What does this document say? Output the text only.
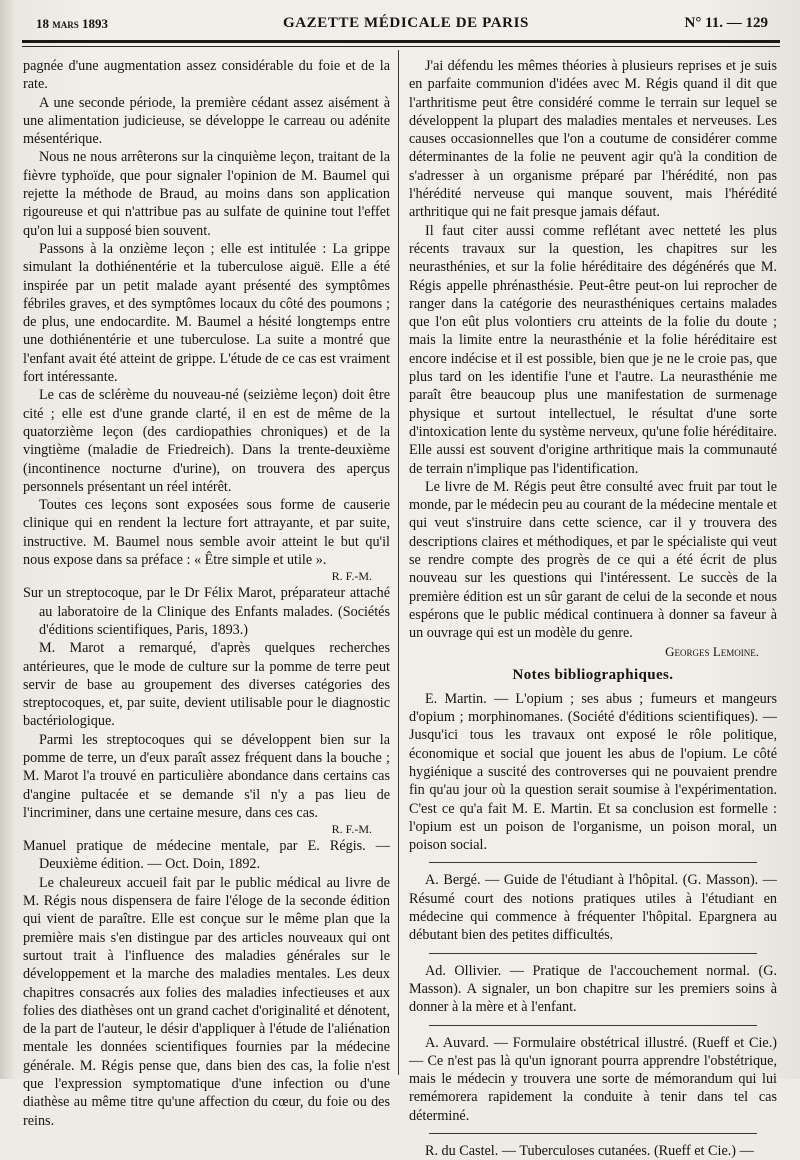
18 mars 1893	GAZETTE MÉDICALE DE PARIS	N° 11. — 129

pagnée d'une augmentation assez considérable du foie et de la rate.

A une seconde période, la première cédant assez aisément à une alimentation judicieuse, se développe le carreau ou adénite mésentérique.

Nous ne nous arrêterons sur la cinquième leçon, traitant de la fièvre typhoïde, que pour signaler l'opinion de M. Baumel qui rejette la méthode de Braud, au moins dans son application rigoureuse et qui n'attribue pas au sulfate de quinine tout l'effet qu'on lui a supposé bien souvent.

Passons à la onzième leçon ; elle est intitulée : La grippe simulant la dothiénentérie et la tuberculose aiguë. Elle a été inspirée par un petit malade ayant présenté des symptômes fébriles graves, et des symptômes locaux du côté des poumons ; de plus, une endocardite. M. Baumel a hésité longtemps entre une dothiénentérie et une tuberculose. La suite a montré que l'enfant avait été atteint de grippe. L'étude de ce cas est vraiment fort intéressante.

Le cas de sclérème du nouveau-né (seizième leçon) doit être cité ; elle est d'une grande clarté, il en est de même de la quatorzième leçon (des cardiopathies chroniques) et de la vingtième (maladie de Friedreich). Dans la trente-deuxième (incontinence nocturne d'urine), on trouvera des aperçus personnels présentant un réel intérêt.

Toutes ces leçons sont exposées sous forme de causerie clinique qui en rendent la lecture fort attrayante, et par suite, instructive. M. Baumel nous semble avoir atteint le but qu'il nous expose dans sa préface : « Être simple et utile ».

R. F.-M.

Sur un streptocoque, par le Dr Félix Marot, préparateur attaché au laboratoire de la Clinique des Enfants malades. (Sociétés d'éditions scientifiques, Paris, 1893.)

M. Marot a remarqué, d'après quelques recherches antérieures, que le mode de culture sur la pomme de terre peut servir de base au groupement des diverses catégories des streptocoques, et, par suite, devient utilisable pour le diagnostic bactériologique.

Parmi les streptocoques qui se développent bien sur la pomme de terre, un d'eux paraît assez fréquent dans la bouche ; M. Marot l'a trouvé en particulière abondance dans certains cas d'angine pultacée et se demande s'il n'y a pas lieu de l'incriminer, dans une certaine mesure, dans ces cas.

R. F.-M.

Manuel pratique de médecine mentale, par E. Régis. — Deuxième édition. — Oct. Doin, 1892.

Le chaleureux accueil fait par le public médical au livre de M. Régis nous dispensera de faire l'éloge de la seconde édition qui vient de paraître. Elle est conçue sur le même plan que la première mais s'en distingue par des articles nouveaux qui ont surtout trait à l'influence des maladies générales sur le développement et la marche des maladies mentales. Les deux chapitres consacrés aux folies des maladies infectieuses et aux folies des diathèses ont un grand cachet d'originalité et dénotent, de la part de l'auteur, le désir d'appliquer à l'étude de l'aliénation mentale les données scientifiques fournies par la médecine générale. M. Régis pense que, dans bien des cas, la folie n'est que l'expression symptomatique d'une infection ou d'une diathèse au même titre qu'une affection du cœur, du foie ou des reins.

J'ai défendu les mêmes théories à plusieurs reprises et je suis en parfaite communion d'idées avec M. Régis quand il dit que l'arthritisme peut être considéré comme le terrain sur lequel se développent la plupart des maladies mentales et nerveuses. Les causes occasionnelles que l'on a coutume de considérer comme déterminantes de la folie ne peuvent agir qu'à la condition de s'adresser à un organisme préparé par l'hérédité, non pas l'hérédité nerveuse qui manque souvent, mais l'hérédité arthritique qui ne fait presque jamais défaut.

Il faut citer aussi comme reflétant avec netteté les plus récents travaux sur la question, les chapitres sur les neurasthénies, et sur la folie héréditaire des dégénérés que M. Régis appelle phrénasthésie. Peut-être peut-on lui reprocher de ranger dans la catégorie des neurasthéniques certains malades que l'on eût plus volontiers cru atteints de la folie du doute ; mais la limite entre la neurasthénie et la folie héréditaire est encore indécise et il est possible, bien que je ne le croie pas, que plus tard on les identifie l'une et l'autre. La neurasthénie me paraît être beaucoup plus une manifestation de surmenage physique et surtout intellectuel, le résultat d'une sorte d'intoxication lente du système nerveux, qu'une folie héréditaire. Elle aussi est souvent d'origine arthritique mais la communauté de terrain n'implique pas l'identification.

Le livre de M. Régis peut être consulté avec fruit par tout le monde, par le médecin peu au courant de la médecine mentale et qui veut s'instruire dans cette science, car il y trouvera des descriptions claires et méthodiques, et par le spécialiste qui veut se rendre compte des progrès de ce qui a été écrit de plus nouveau sur les questions qui l'intéressent. Le succès de la première édition est un sûr garant de celui de la seconde et nous espérons que le public médical continuera à donner sa faveur à un ouvrage qui est un modèle du genre.

Georges Lemoine.
Notes bibliographiques.

E. Martin. — L'opium ; ses abus ; fumeurs et mangeurs d'opium ; morphinomanes. (Société d'éditions scientifiques). — Jusqu'ici tous les travaux ont exposé le rôle politique, économique et social que jouent les abus de l'opium. Le côté hygiénique a suscité des controverses qui ne pouvaient prendre fin qu'au jour où la question serait soumise à l'expérimentation. C'est ce qu'a fait M. E. Martin. Et sa conclusion est formelle : l'opium est un poison de l'organisme, un poison moral, un poison social.

A. Bergé. — Guide de l'étudiant à l'hôpital. (G. Masson). — Résumé court des notions pratiques utiles à l'étudiant en médecine qui commence à fréquenter l'hôpital. Epargnera au débutant bien des petites difficultés.

Ad. Ollivier. — Pratique de l'accouchement normal. (G. Masson). A signaler, un bon chapitre sur les premiers soins à donner à la mère et à l'enfant.

A. Auvard. — Formulaire obstétrical illustré. (Rueff et Cie.) — Ce n'est pas là qu'un ignorant pourra apprendre l'obstétrique, mais le médecin y trouvera une sorte de mémorandum qui lui remémorera rapidement la conduite à tenir dans tel cas déterminé.

R. du Castel. — Tuberculoses cutanées. (Rueff et Cie.) —
